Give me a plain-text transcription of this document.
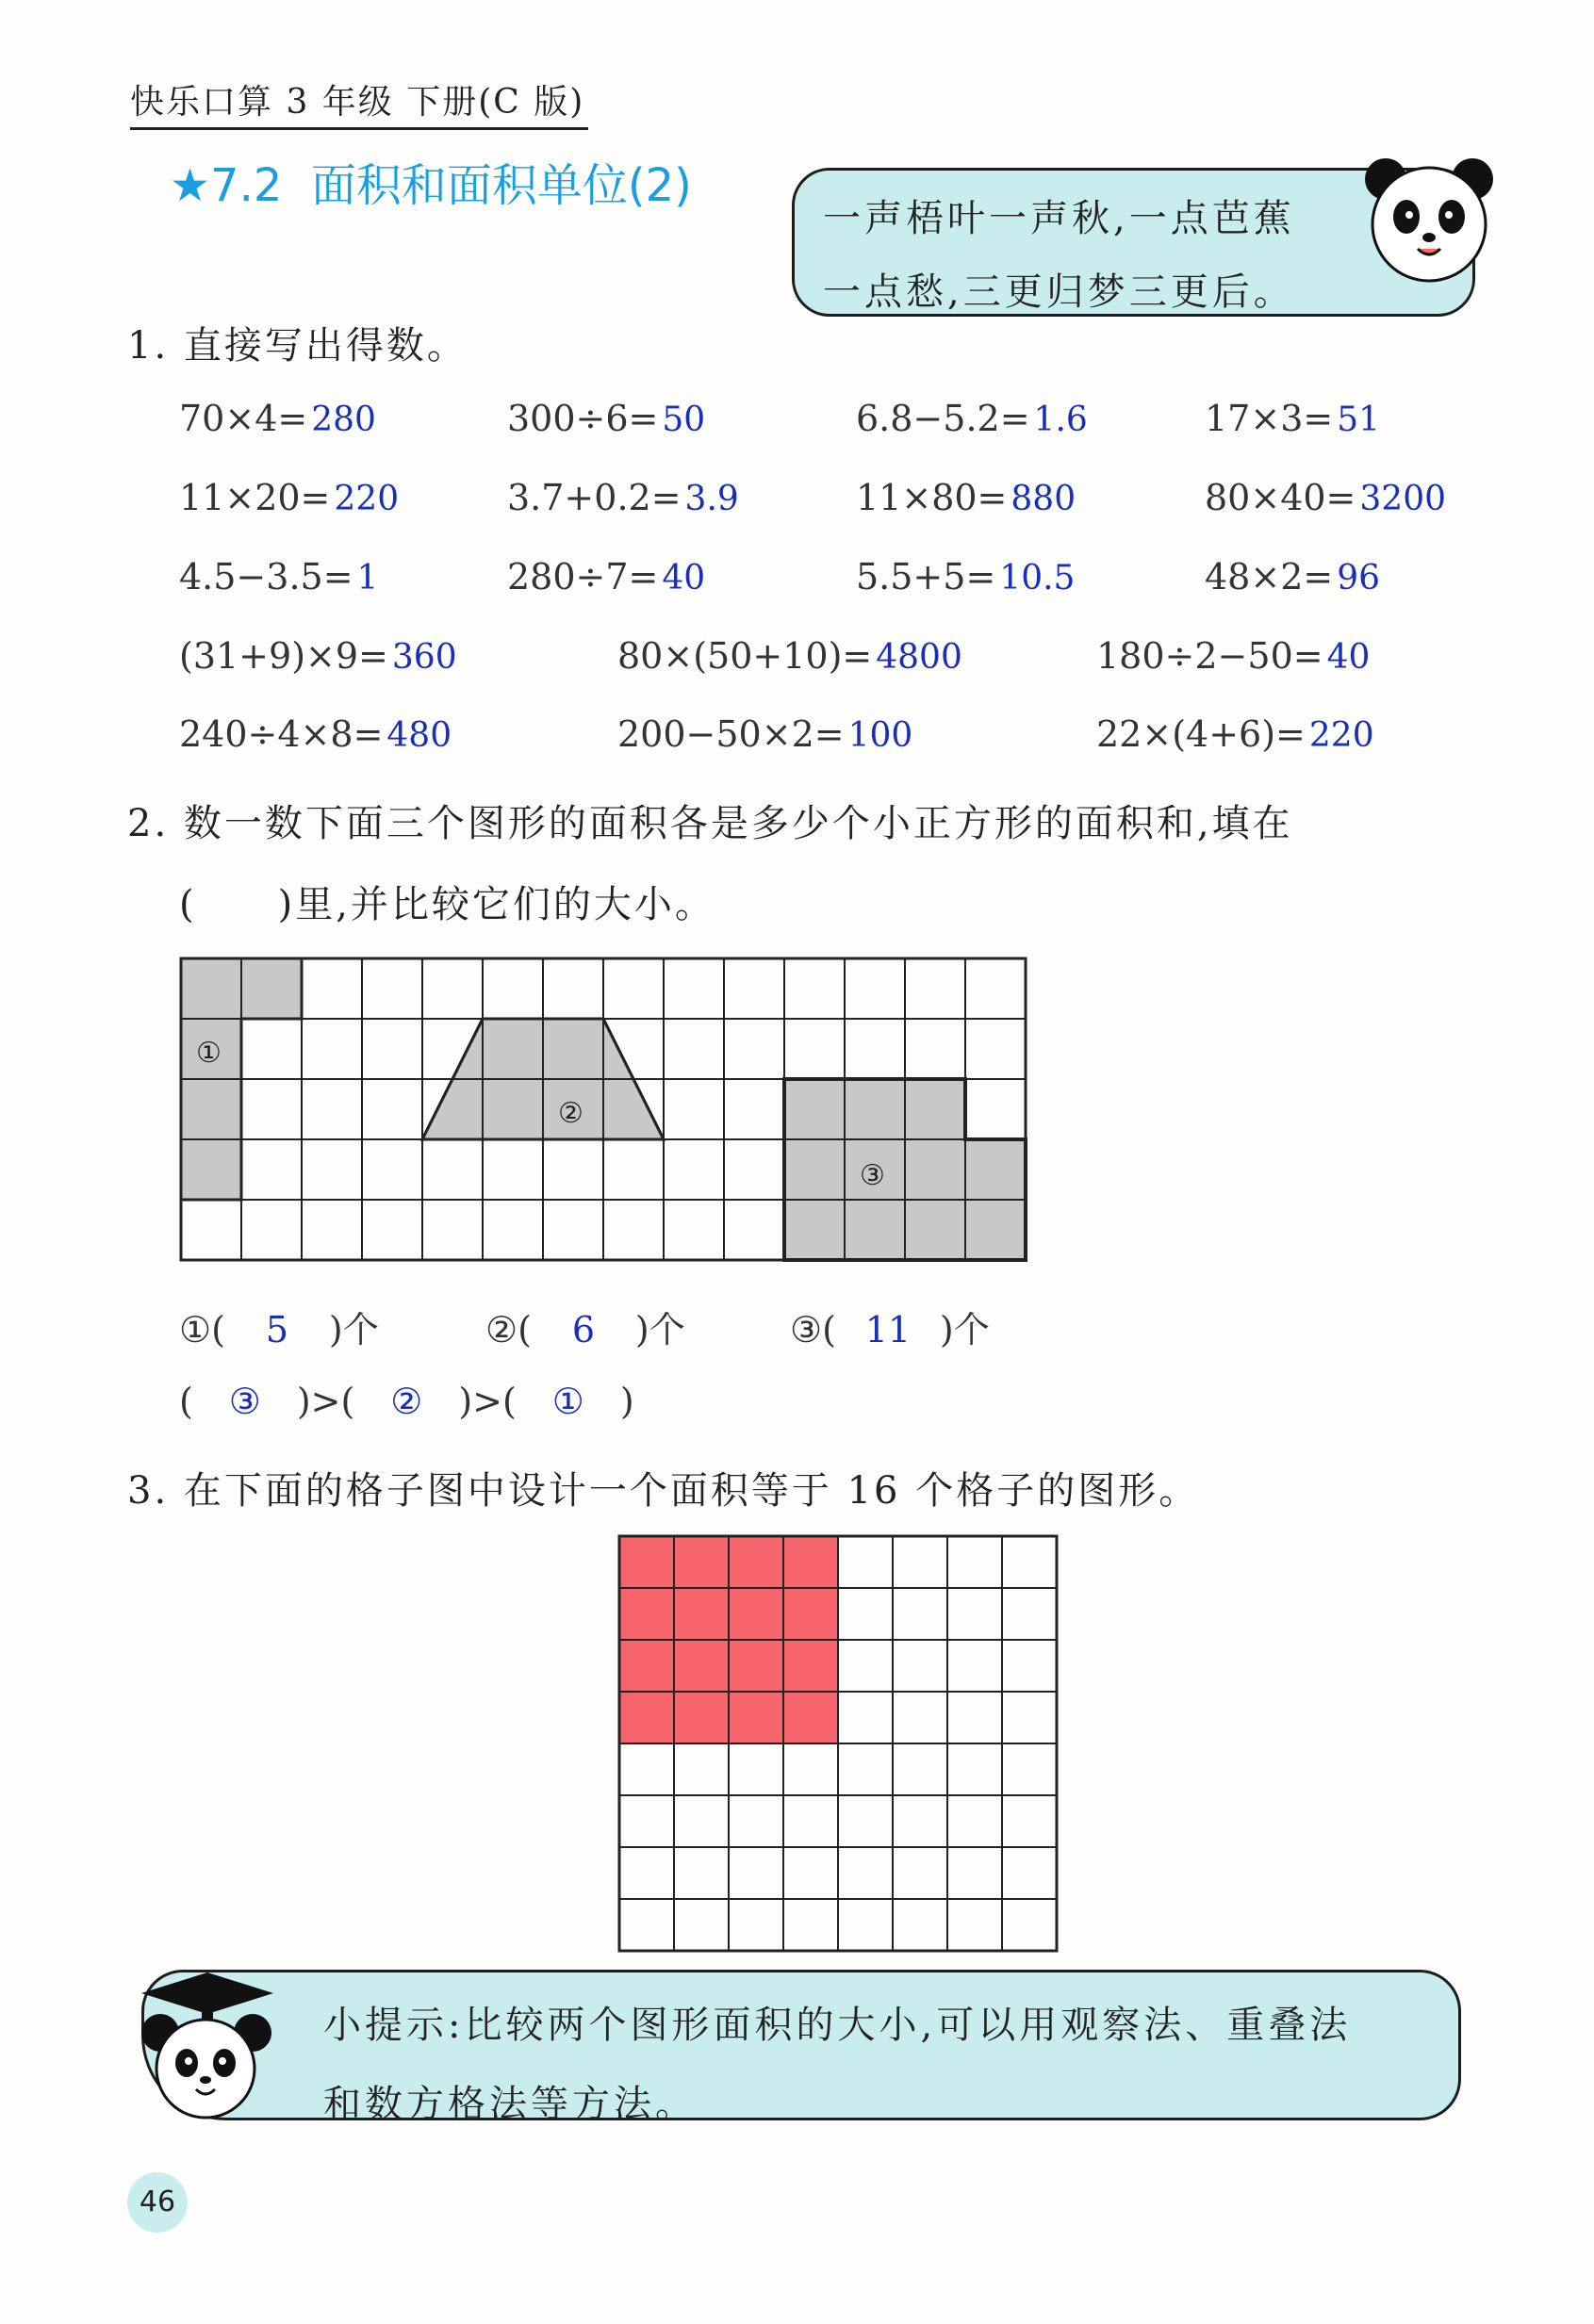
快乐口算 3 年级 下册(C 版)
★7.2 面积和面积单位(2)
一声梧叶一声秋,一点芭蕉
一点愁,三更归梦三更后。
1. 直接写出得数。
70×4= 280	300÷6= 50	6.8−5.2= 1.6	17×3= 51
11×20= 220	3.7+0.2= 3.9	11×80= 880	80×40= 3200
4.5−3.5= 1	280÷7= 40	5.5+5= 10.5	48×2= 96
(31+9)×9= 360	80×(50+10)= 4800	180÷2−50= 40
240÷4×8= 480	200−50×2= 100	22×(4+6)= 220
2. 数一数下面三个图形的面积各是多少个小正方形的面积和,填在
(　　)里,并比较它们的大小。
①
②
③
①( 5 )个	②( 6 )个	③( 11 )个
( ③ )>( ② )>( ① )
3. 在下面的格子图中设计一个面积等于 16 个格子的图形。
小提示:比较两个图形面积的大小,可以用观察法、重叠法
和数方格法等方法。
46
